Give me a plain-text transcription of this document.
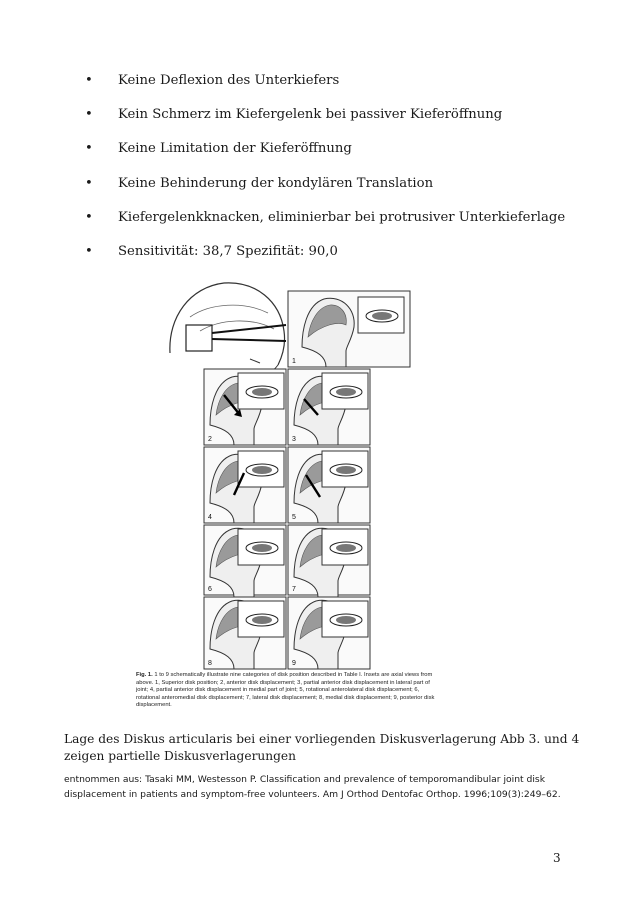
• Keine Deflexion des Unterkiefers
• Kein Schmerz im Kiefergelenk bei passiver Kieferöffnung
• Keine Limitation der Kieferöffnung
• Keine Behinderung der kondylären Translation
• Kiefergelenkknacken, eliminierbar bei protrusiver Unterkieferlage
• Sensitivität: 38,7 Spezifität: 90,0
1
2	3
4	5
6	7
8	9

Fig. 1. 1 to 9 schematically illustrate nine categories of disk position described in Table I. Insets are axial views from above. 1, Superior disk position; 2, anterior disk displacement; 3, partial anterior disk displacement in lateral part of joint; 4, partial anterior disk displacement in medial part of joint; 5, rotational anterolateral disk displacement; 6, rotational anteromedial disk displacement; 7, lateral disk displacement; 8, medial disk displacement; 9, posterior disk displacement.

Lage des Diskus articularis bei einer vorliegenden Diskusverlagerung Abb 3. und 4 zeigen partielle Diskusverlagerungen

entnommen aus: Tasaki MM, Westesson P. Classification and prevalence of temporomandibular joint disk displacement in patients and symptom-free volunteers. Am J Orthod Dentofac Orthop. 1996;109(3):249–62.

3
